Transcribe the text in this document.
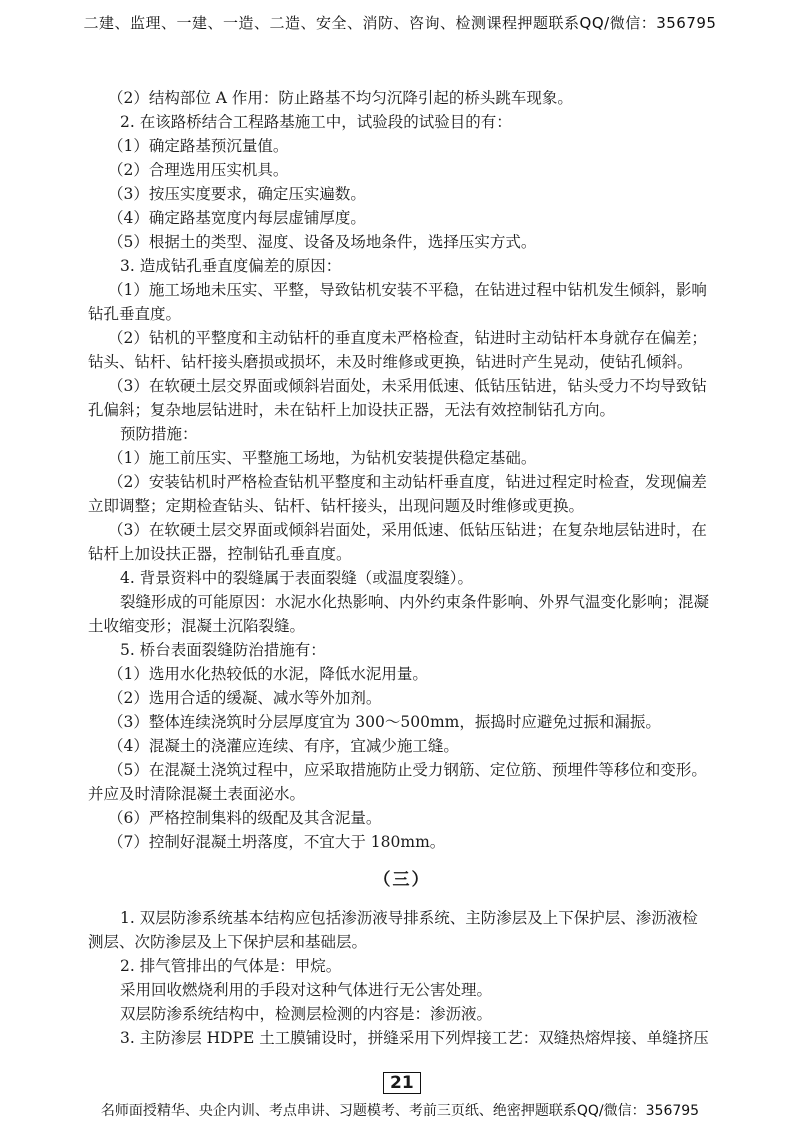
二建、监理、一建、一造、二造、安全、消防、咨询、检测课程押题联系QQ/微信：356795
（2）结构部位 A 作用：防止路基不均匀沉降引起的桥头跳车现象。
2. 在该路桥结合工程路基施工中，试验段的试验目的有：
（1）确定路基预沉量值。
（2）合理选用压实机具。
（3）按压实度要求，确定压实遍数。
（4）确定路基宽度内每层虚铺厚度。
（5）根据土的类型、湿度、设备及场地条件，选择压实方式。
3. 造成钻孔垂直度偏差的原因：
（1）施工场地未压实、平整，导致钻机安装不平稳，在钻进过程中钻机发生倾斜，影响
钻孔垂直度。
（2）钻机的平整度和主动钻杆的垂直度未严格检查，钻进时主动钻杆本身就存在偏差；
钻头、钻杆、钻杆接头磨损或损坏，未及时维修或更换，钻进时产生晃动，使钻孔倾斜。
（3）在软硬土层交界面或倾斜岩面处，未采用低速、低钻压钻进，钻头受力不均导致钻
孔偏斜；复杂地层钻进时，未在钻杆上加设扶正器，无法有效控制钻孔方向。
预防措施：
（1）施工前压实、平整施工场地，为钻机安装提供稳定基础。
（2）安装钻机时严格检查钻机平整度和主动钻杆垂直度，钻进过程定时检查，发现偏差
立即调整；定期检查钻头、钻杆、钻杆接头，出现问题及时维修或更换。
（3）在软硬土层交界面或倾斜岩面处，采用低速、低钻压钻进；在复杂地层钻进时，在
钻杆上加设扶正器，控制钻孔垂直度。
4. 背景资料中的裂缝属于表面裂缝（或温度裂缝）。
裂缝形成的可能原因：水泥水化热影响、内外约束条件影响、外界气温变化影响；混凝
土收缩变形；混凝土沉陷裂缝。
5. 桥台表面裂缝防治措施有：
（1）选用水化热较低的水泥，降低水泥用量。
（2）选用合适的缓凝、减水等外加剂。
（3）整体连续浇筑时分层厚度宜为 300～500mm，振捣时应避免过振和漏振。
（4）混凝土的浇灌应连续、有序，宜减少施工缝。
（5）在混凝土浇筑过程中，应采取措施防止受力钢筋、定位筋、预埋件等移位和变形。
并应及时清除混凝土表面泌水。
（6）严格控制集料的级配及其含泥量。
（7）控制好混凝土坍落度，不宜大于 180mm。
（三）
1. 双层防渗系统基本结构应包括渗沥液导排系统、主防渗层及上下保护层、渗沥液检
测层、次防渗层及上下保护层和基础层。
2. 排气管排出的气体是：甲烷。
采用回收燃烧利用的手段对这种气体进行无公害处理。
双层防渗系统结构中，检测层检测的内容是：渗沥液。
3. 主防渗层 HDPE 土工膜铺设时，拼缝采用下列焊接工艺：双缝热熔焊接、单缝挤压
21
名师面授精华、央企内训、考点串讲、习题模考、考前三页纸、绝密押题联系QQ/微信：356795
